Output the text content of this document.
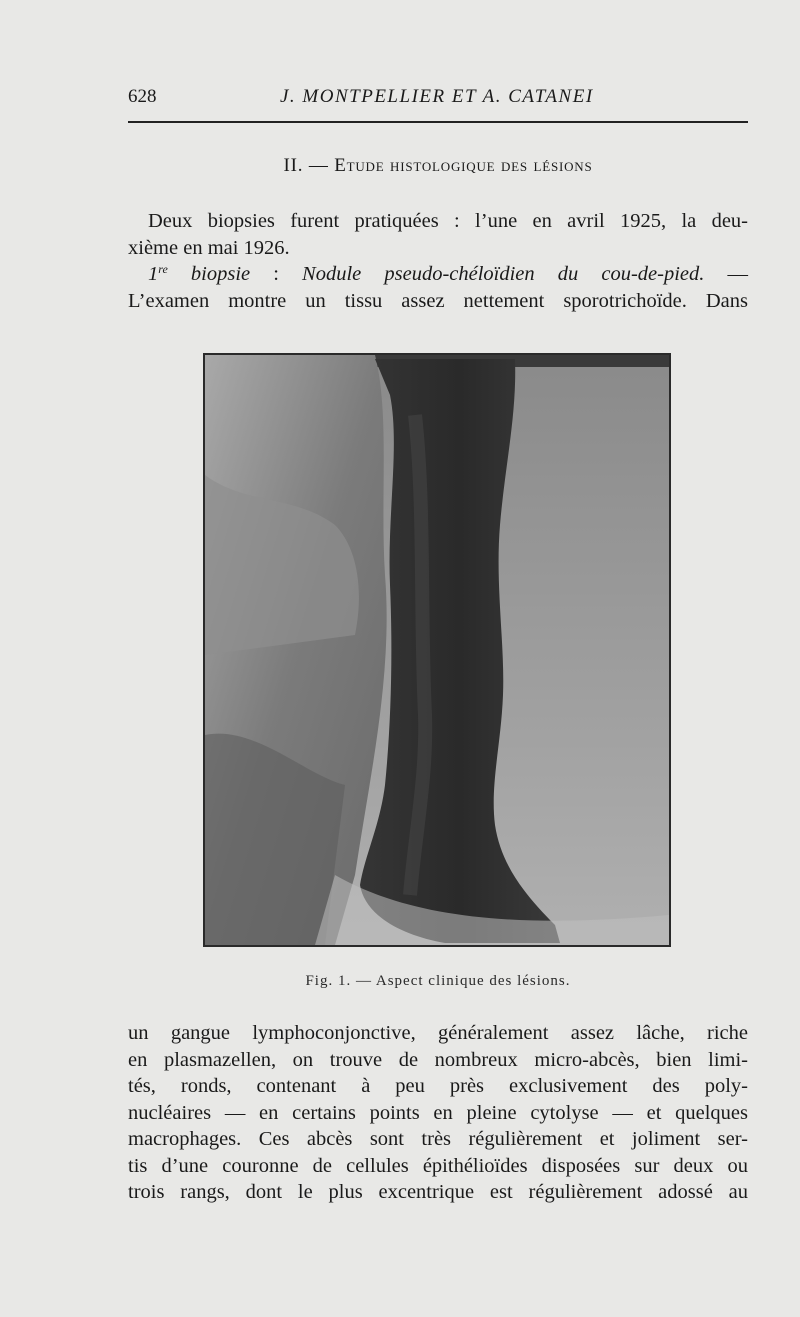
628	J. MONTPELLIER ET A. CATANEI
II. — Etude histologique des lésions

Deux biopsies furent pratiquées : l’une en avril 1925, la deu-
xième en mai 1926.

1re biopsie : Nodule pseudo-chéloïdien du cou-de-pied. —
L’examen montre un tissu assez nettement sporotrichoïde. Dans

Fig. 1. — Aspect clinique des lésions.

un gangue lymphoconjonctive, généralement assez lâche, riche
en plasmazellen, on trouve de nombreux micro-abcès, bien limi-
tés, ronds, contenant à peu près exclusivement des poly-
nucléaires — en certains points en pleine cytolyse — et quelques
macrophages. Ces abcès sont très régulièrement et joliment ser-
tis d’une couronne de cellules épithélioïdes disposées sur deux ou
trois rangs, dont le plus excentrique est régulièrement adossé au
